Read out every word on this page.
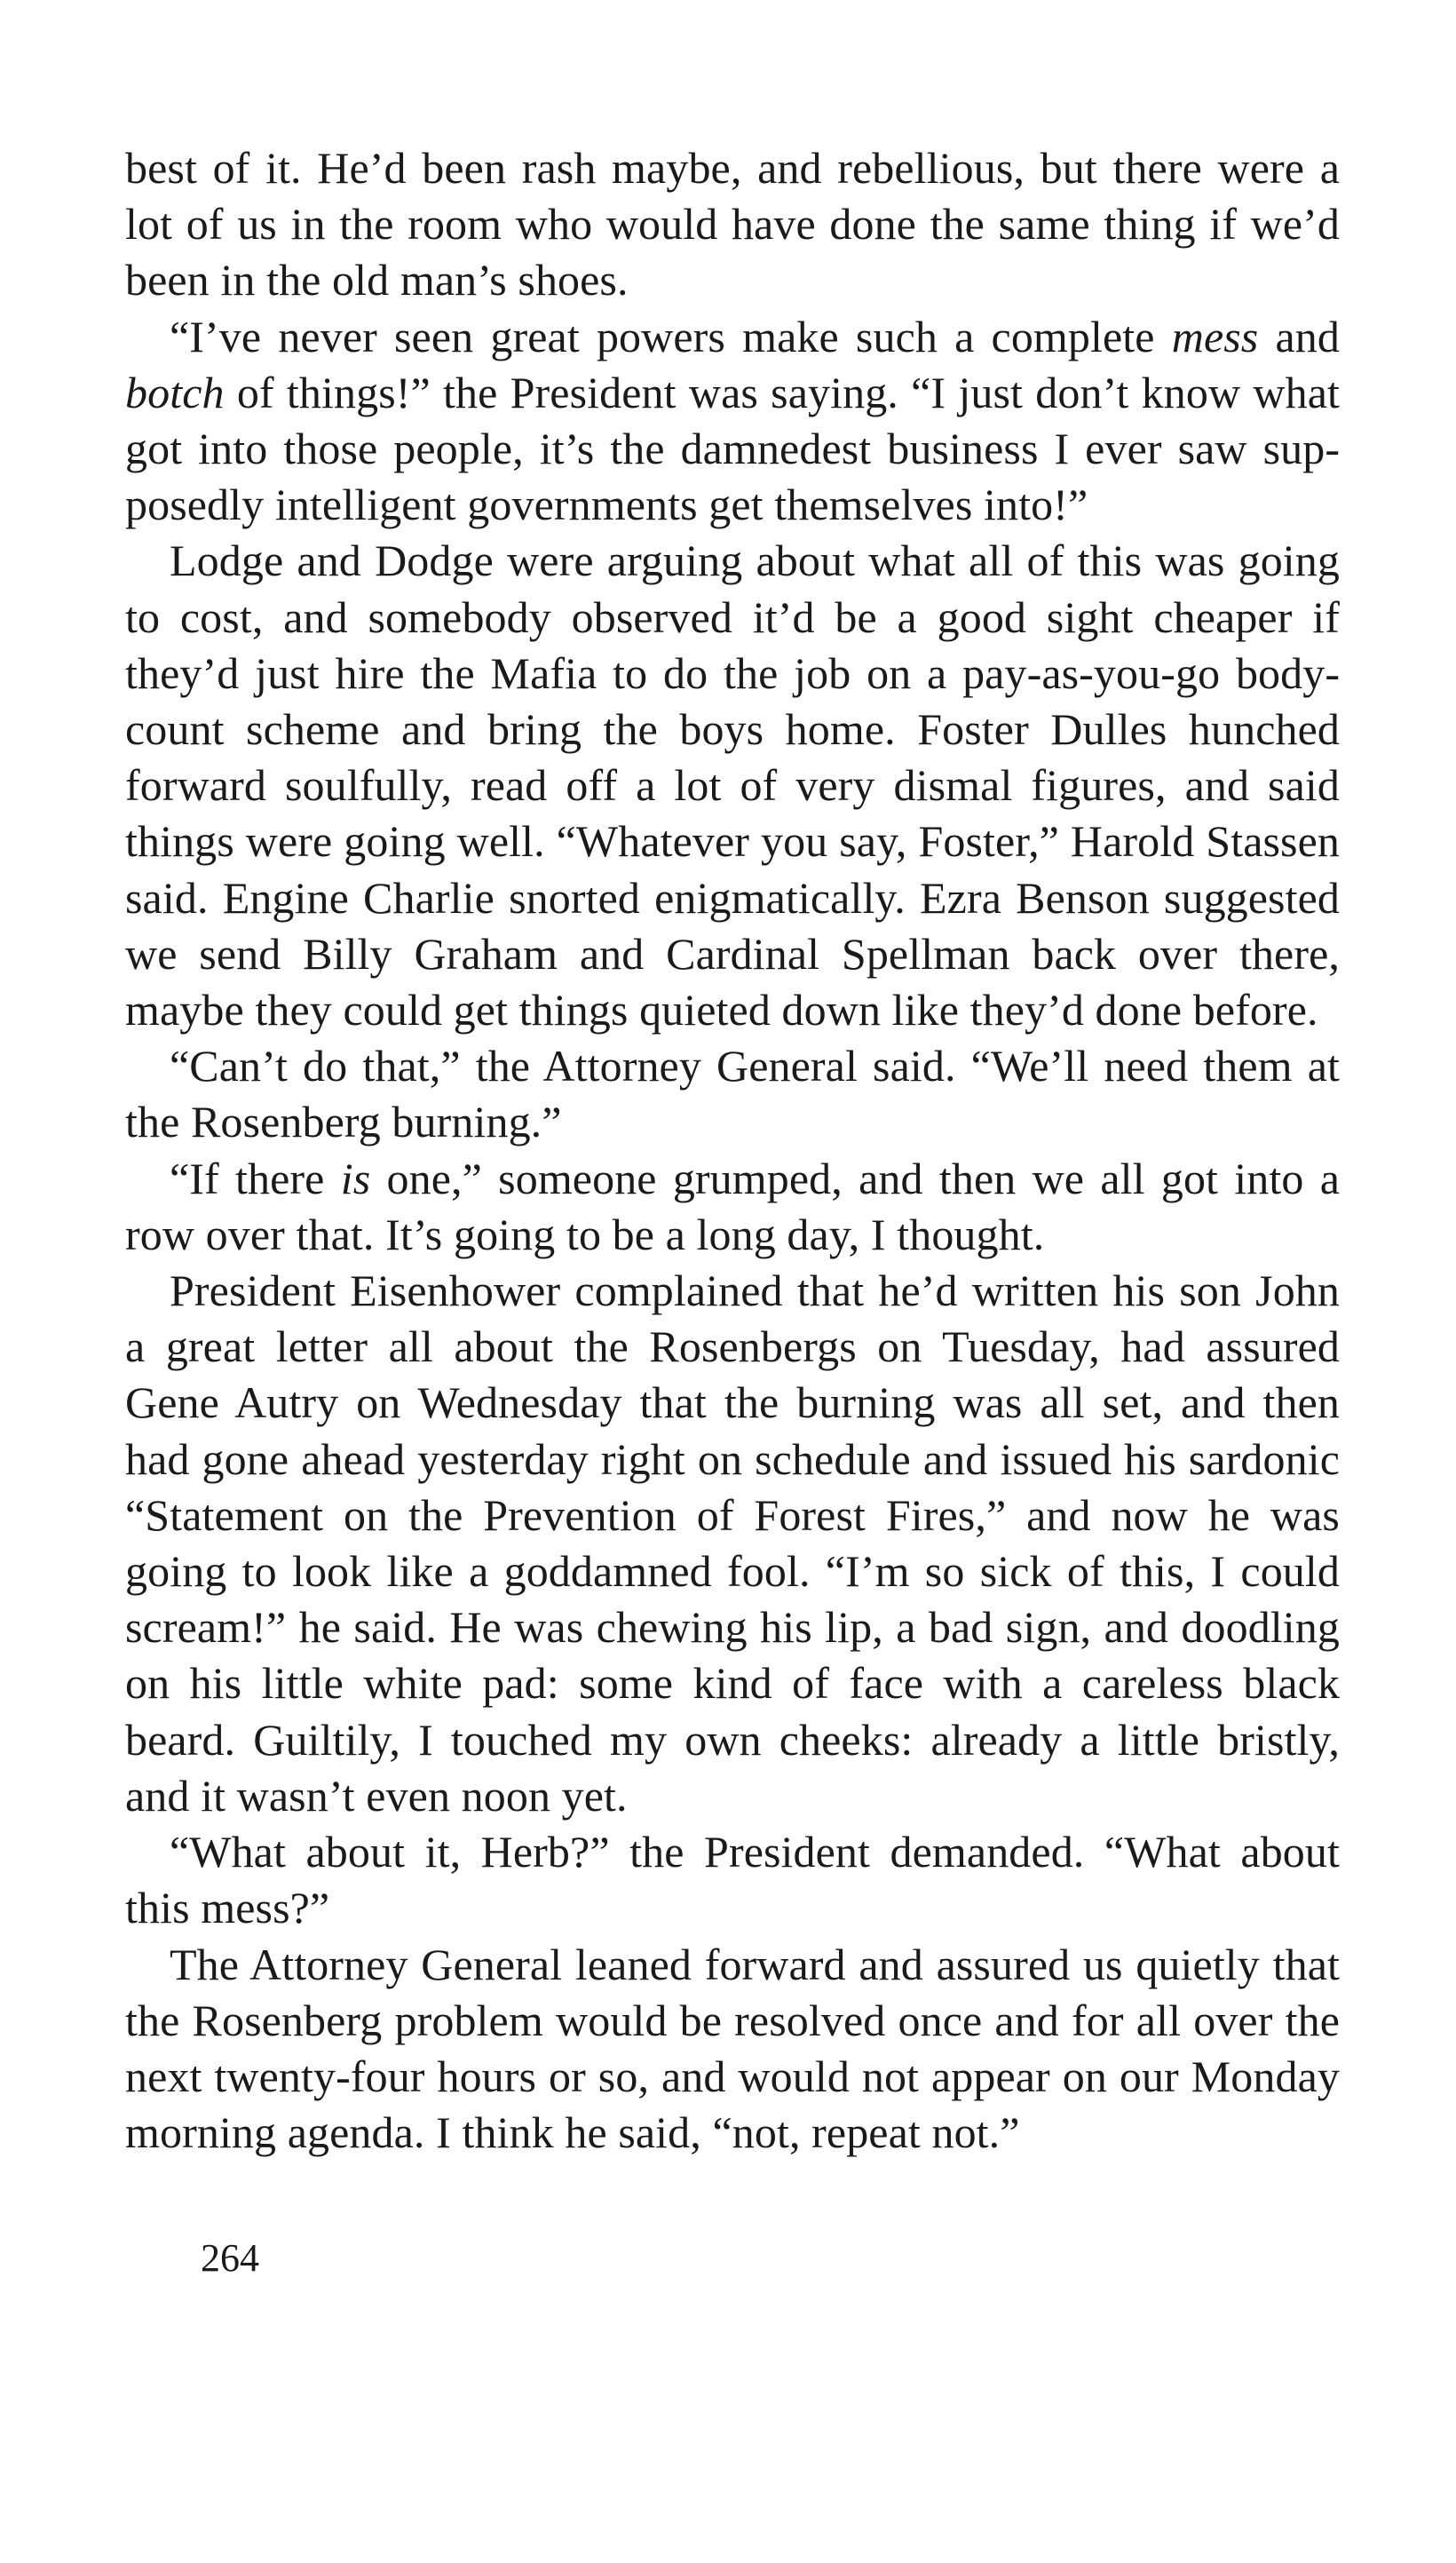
best of it. He’d been rash maybe, and rebellious, but there were a lot of us in the room who would have done the same thing if we’d been in the old man’s shoes.

“I’ve never seen great powers make such a complete mess and botch of things!” the President was saying. “I just don’t know what got into those people, it’s the damnedest business I ever saw supposedly intelligent governments get themselves into!”

Lodge and Dodge were arguing about what all of this was going to cost, and somebody observed it’d be a good sight cheaper if they’d just hire the Mafia to do the job on a pay-as-you-go bodycount scheme and bring the boys home. Foster Dulles hunched forward soulfully, read off a lot of very dismal figures, and said things were going well. “Whatever you say, Foster,” Harold Stassen said. Engine Charlie snorted enigmatically. Ezra Benson suggested we send Billy Graham and Cardinal Spellman back over there, maybe they could get things quieted down like they’d done before.

“Can’t do that,” the Attorney General said. “We’ll need them at the Rosenberg burning.”

“If there is one,” someone grumped, and then we all got into a row over that. It’s going to be a long day, I thought.

President Eisenhower complained that he’d written his son John a great letter all about the Rosenbergs on Tuesday, had assured Gene Autry on Wednesday that the burning was all set, and then had gone ahead yesterday right on schedule and issued his sardonic “Statement on the Prevention of Forest Fires,” and now he was going to look like a goddamned fool. “I’m so sick of this, I could scream!” he said. He was chewing his lip, a bad sign, and doodling on his little white pad: some kind of face with a careless black beard. Guiltily, I touched my own cheeks: already a little bristly, and it wasn’t even noon yet.

“What about it, Herb?” the President demanded. “What about this mess?”

The Attorney General leaned forward and assured us quietly that the Rosenberg problem would be resolved once and for all over the next twenty-four hours or so, and would not appear on our Monday morning agenda. I think he said, “not, repeat not.”

264
